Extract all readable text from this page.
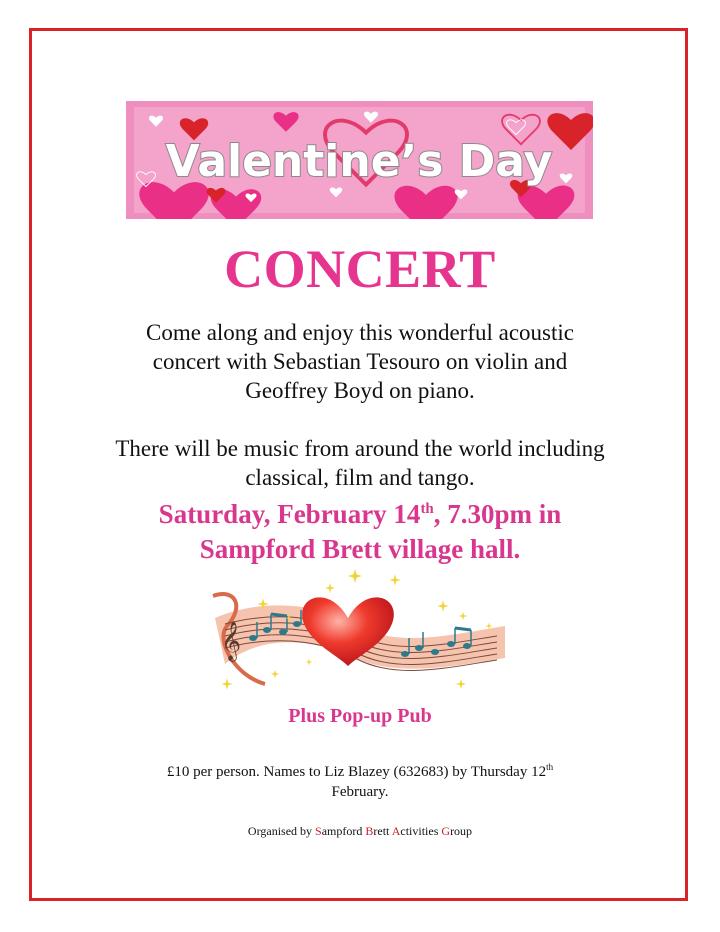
Valentine’s Day
CONCERT
Come along and enjoy this wonderful acoustic
concert with Sebastian Tesouro on violin and
Geoffrey Boyd on piano.
There will be music from around the world including
classical, film and tango.
Saturday, February 14th, 7.30pm in
Sampford Brett village hall.
𝄞

Plus Pop-up Pub

£10 per person. Names to Liz Blazey (632683) by Thursday 12th
February.

Organised by Sampford Brett Activities Group
